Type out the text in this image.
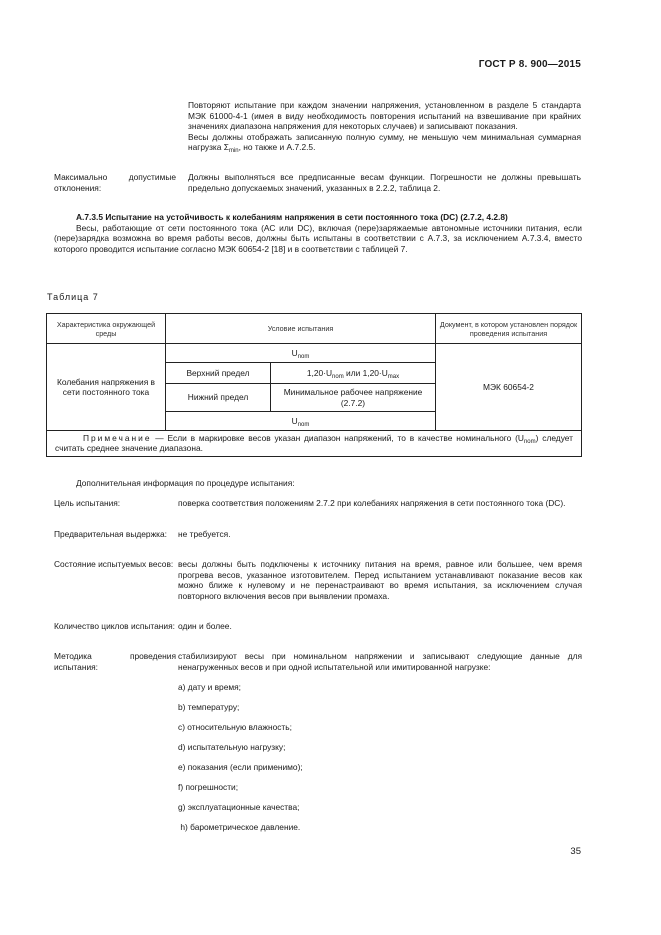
ГОСТ Р 8. 900—2015

Повторяют испытание при каждом значении напряжения, установленном в разделе 5 стандарта МЭК 61000-4-1 (имея в виду необходимость повторения испытаний на взвешивание при крайних значениях диапазона напряжения для некоторых случаев) и записывают показания.

Весы должны отображать записанную полную сумму, не меньшую чем минимальная суммарная нагрузка $\Sigma_{min}$, но также и А.7.2.5.

Максимально допустимые отклонения:
Должны выполняться все предписанные весам функции. Погрешности не должны превышать предельно допускаемых значений, указанных в 2.2.2, таблица 2.

А.7.3.5 Испытание на устойчивость к колебаниям напряжения в сети постоянного тока (DC) (2.7.2, 4.2.8)

Весы, работающие от сети постоянного тока (АС или DC), включая (пере)заряжаемые автономные источники питания, если (пере)зарядка возможна во время работы весов, должны быть испытаны в соответствии с А.7.3, за исключением А.7.3.4, вместо которого проводится испытание согласно МЭК 60654-2 [18] и в соответствии с таблицей 7.

Таблица 7
Характеристика окружающей среды	Условие испытания		Документ, в котором установлен порядок проведения испытания
Колебания напряжения в сети постоянного тока	$U_{nom}$		МЭК 60654-2
	Верхний предел	$1,20\cdot U_{nom}$ или $1,20\cdot U_{max}$
	Нижний предел	Минимальное рабочее напряжение (2.7.2)	
	$U_{nom}$
Примечание — Если в маркировке весов указан диапазон напряжений, то в качестве номинального $(U_{nom})$ следует считать среднее значение диапазона.			
Дополнительная информация по процедуре испытания:
Цель испытания:	поверка соответствия положениям 2.7.2 при колебаниях напряжения в сети постоянного тока (DC).
Предварительная выдержка:	не требуется.
Состояние испытуемых весов: весы должны быть подключены к источнику питания на время, равное или большее, чем время прогрева весов, указанное изготовителем. Перед испытанием устанавливают показание весов как можно ближе к нулевому и не перенастраивают во время испытания, за исключением случая повторного включения весов при выявлении промаха.
Количество циклов испытания: один и более.
Методика проведения испытания:
стабилизируют весы при номинальном напряжении и записывают следующие данные для ненагруженных весов и при одной испытательной или имитированной нагрузке:
a) дату и время;
b) температуру;
c) относительную влажность;
d) испытательную нагрузку;
e) показания (если применимо);
f) погрешности;
g) эксплуатационные качества;
h) барометрическое давление.
35
